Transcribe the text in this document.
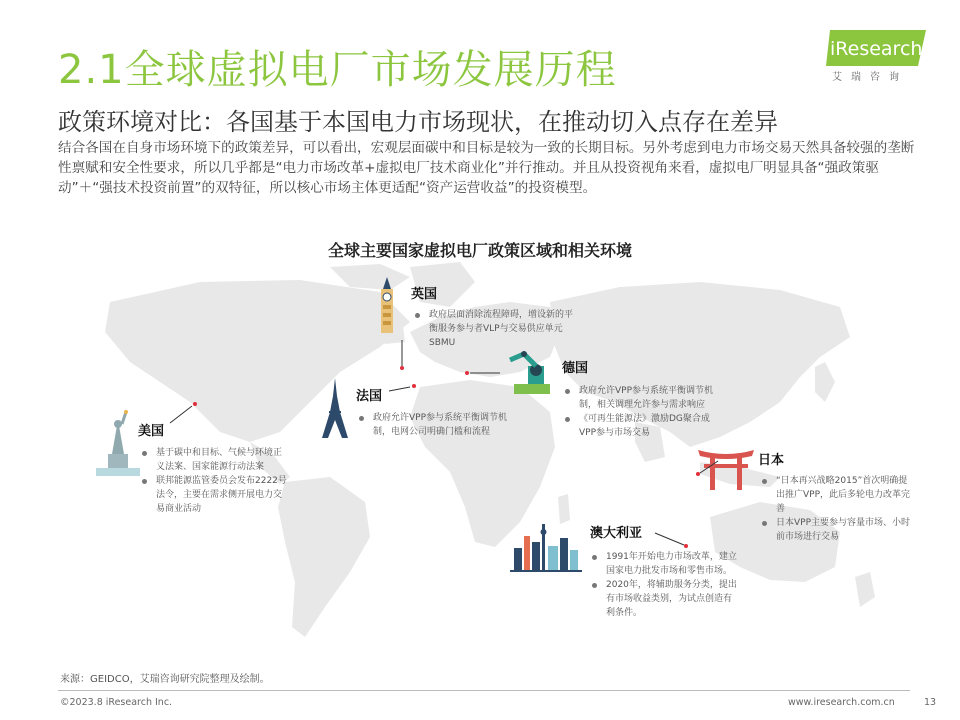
2.1全球虚拟电厂市场发展历程	iResearch
艾瑞咨询
政策环境对比：各国基于本国电力市场现状，在推动切入点存在差异
结合各国在自身市场环境下的政策差异，可以看出，宏观层面碳中和目标是较为一致的长期目标。另外考虑到电力市场交易天然具备较强的垄断性禀赋和安全性要求，所以几乎都是“电力市场改革+虚拟电厂技术商业化”并行推动。并且从投资视角来看，虚拟电厂明显具备“强政策驱动”＋“强技术投资前置”的双特征，所以核心市场主体更适配“资产运营收益”的投资模型。
全球主要国家虚拟电厂政策区域和相关环境
英国
政府层面消除流程障碍，增设新的平衡服务参与者VLP与交易供应单元SBMU
德国
政府允许VPP参与系统平衡调节机制，相关调理允许参与需求响应
《可再生能源法》激励DG聚合成VPP参与市场交易
法国
政府允许VPP参与系统平衡调节机制，电网公司明确门槛和流程
美国
基于碳中和目标、气候与环境正义法案、国家能源行动法案
联邦能源监管委员会发布2222号法令，主要在需求侧开展电力交易商业活动
日本
“日本再兴战略2015”首次明确提出推广VPP，此后多轮电力改革完善
日本VPP主要参与容量市场、小时前市场进行交易
澳大利亚
1991年开始电力市场改革，建立国家电力批发市场和零售市场。
2020年，将辅助服务分类，提出有市场收益类别，为试点创造有利条件。
来源：GEIDCO，艾瑞咨询研究院整理及绘制。
©2023.8 iResearch Inc.	www.iresearch.com.cn	13
